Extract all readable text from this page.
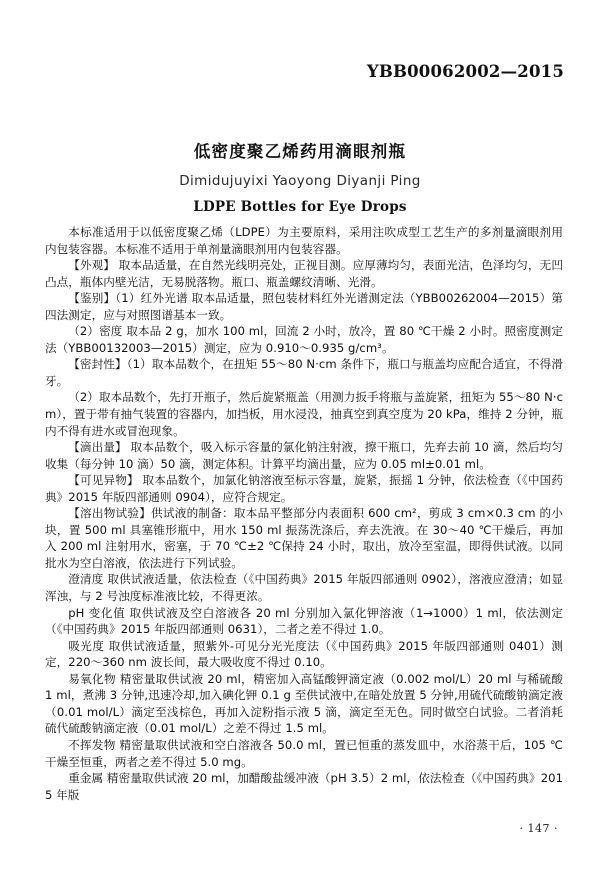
YBB00062002—2015
低密度聚乙烯药用滴眼剂瓶
Dimidujuyixi Yaoyong Diyanji Ping
LDPE Bottles for Eye Drops

本标准适用于以低密度聚乙烯（LDPE）为主要原料，采用注吹成型工艺生产的多剂量滴眼剂用内包装容器。本标准不适用于单剂量滴眼剂用内包装容器。

【外观】 取本品适量，在自然光线明亮处，正视目测。应厚薄均匀，表面光洁，色泽均匀，无凹凸点，瓶体内壁光洁，无易脱落物。瓶口、瓶盖螺纹清晰、光滑。

【鉴别】（1）红外光谱 取本品适量，照包装材料红外光谱测定法（YBB00262004—2015）第四法测定，应与对照图谱基本一致。

（2）密度 取本品 2 g，加水 100 ml，回流 2 小时，放冷，置 80 ℃干燥 2 小时。照密度测定法（YBB00132003—2015）测定，应为 0.910～0.935 g/cm³。

【密封性】（1）取本品数个，在扭矩 55～80 N·cm 条件下，瓶口与瓶盖均应配合适宜，不得滑牙。

（2）取本品数个，先打开瓶子，然后旋紧瓶盖（用测力扳手将瓶与盖旋紧，扭矩为 55～80 N·cm），置于带有抽气装置的容器内，加挡板，用水浸没，抽真空到真空度为 20 kPa，维持 2 分钟，瓶内不得有进水或冒泡现象。

【滴出量】 取本品数个，吸入标示容量的氯化钠注射液，擦干瓶口，先弃去前 10 滴，然后均匀收集（每分钟 10 滴）50 滴，测定体积。计算平均滴出量，应为 0.05 ml±0.01 ml。

【可见异物】 取本品数个，加氯化钠溶液至标示容量，旋紧，振摇 1 分钟，依法检查（《中国药典》2015 年版四部通则 0904），应符合规定。

【溶出物试验】供试液的制备：取本品平整部分内表面积 600 cm²，剪成 3 cm×0.3 cm 的小块，置 500 ml 具塞锥形瓶中，用水 150 ml 振荡洗涤后，弃去洗液。在 30～40 ℃干燥后，再加入 200 ml 注射用水，密塞，于 70 ℃±2 ℃保持 24 小时，取出，放冷至室温，即得供试液。以同批水为空白溶液，依法进行下列试验。

澄清度 取供试液适量，依法检查（《中国药典》2015 年版四部通则 0902），溶液应澄清；如显浑浊，与 2 号浊度标准液比较，不得更浓。

pH 变化值 取供试液及空白溶液各 20 ml 分别加入氯化钾溶液（1→1000）1 ml，依法测定（《中国药典》2015 年版四部通则 0631），二者之差不得过 1.0。

吸光度 取供试液适量，照紫外-可见分光光度法（《中国药典》2015 年版四部通则 0401）测定，220～360 nm 波长间，最大吸收度不得过 0.10。

易氧化物 精密量取供试液 20 ml，精密加入高锰酸钾滴定液（0.002 mol/L）20 ml 与稀硫酸 1 ml，煮沸 3 分钟,迅速冷却,加入碘化钾 0.1 g 至供试液中,在暗处放置 5 分钟,用硫代硫酸钠滴定液（0.01 mol/L）滴定至浅棕色，再加入淀粉指示液 5 滴，滴定至无色。同时做空白试验。二者消耗硫代硫酸钠滴定液（0.01 mol/L）之差不得过 1.5 ml。

不挥发物 精密量取供试液和空白溶液各 50.0 ml，置已恒重的蒸发皿中，水浴蒸干后，105 ℃干燥至恒重，两者之差不得过 5.0 mg。

重金属 精密量取供试液 20 ml，加醋酸盐缓冲液（pH 3.5）2 ml，依法检查（《中国药典》2015 年版

· 147 ·
